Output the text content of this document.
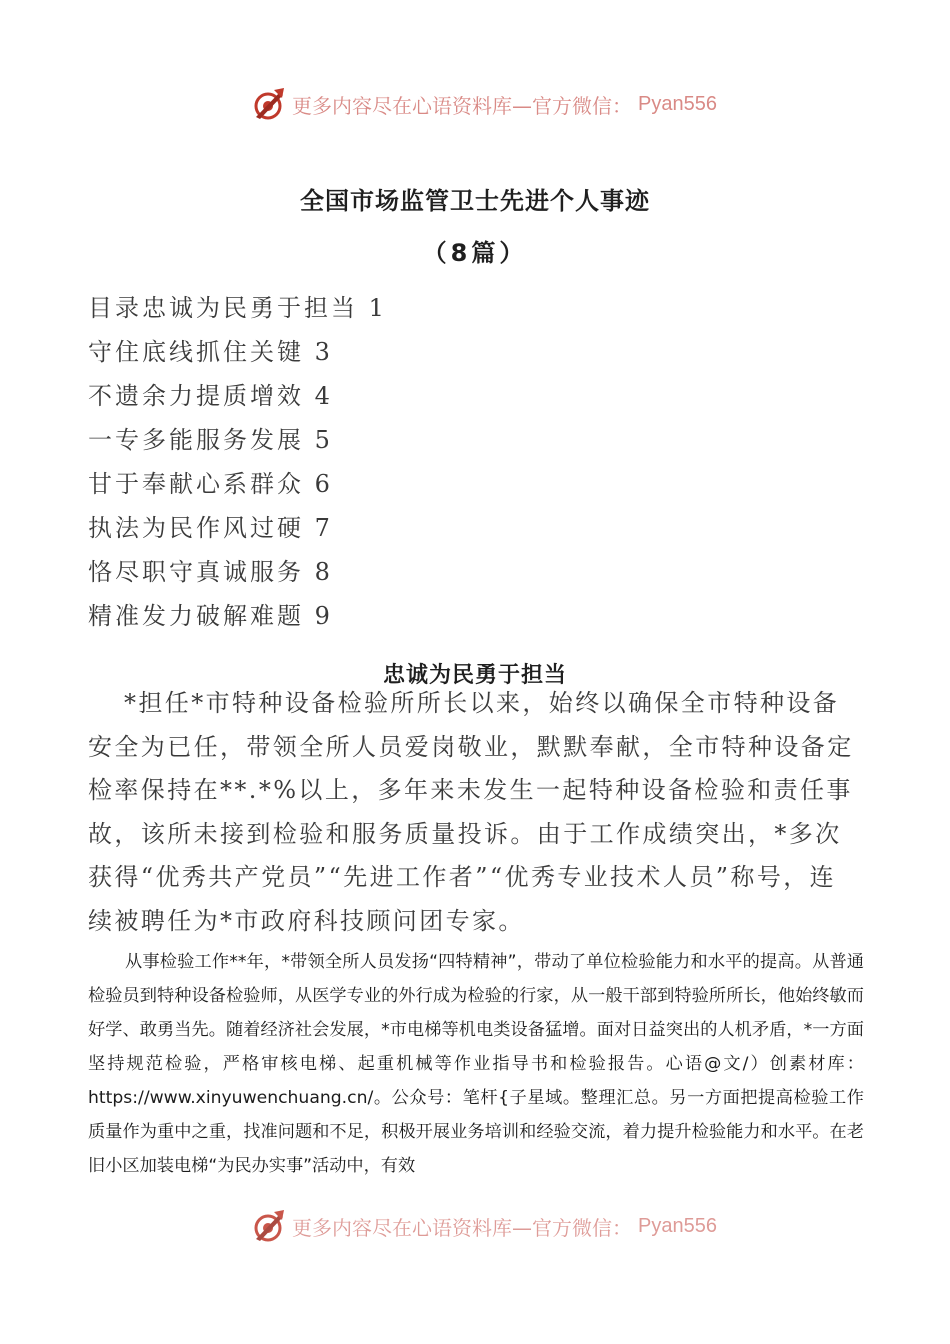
更多内容尽在心语资料库—官方微信： Pyan556
全国市场监管卫士先进个人事迹
（8篇）
目录忠诚为民勇于担当 1
守住底线抓住关键 3
不遗余力提质增效 4
一专多能服务发展 5
甘于奉献心系群众 6
执法为民作风过硬 7
恪尽职守真诚服务 8
精准发力破解难题 9
忠诚为民勇于担当

*担任*市特种设备检验所所长以来，始终以确保全市特种设备安全为已任，带领全所人员爱岗敬业，默默奉献，全市特种设备定检率保持在**.*%以上，多年来未发生一起特种设备检验和责任事故，该所未接到检验和服务质量投诉。由于工作成绩突出，*多次获得“优秀共产党员”“先进工作者”“优秀专业技术人员”称号，连续被聘任为*市政府科技顾问团专家。

从事检验工作**年，*带领全所人员发扬“四特精神”，带动了单位检验能力和水平的提高。从普通检验员到特种设备检验师，从医学专业的外行成为检验的行家，从一般干部到特验所所长，他始终敏而好学、敢勇当先。随着经济社会发展，*市电梯等机电类设备猛增。面对日益突出的人机矛盾，*一方面坚持规范检验，严格审核电梯、起重机械等作业指导书和检验报告。心语@文/）创素材库：https://www.xinyuwenchuang.cn/。公众号：笔杆{子星域。整理汇总。另一方面把提高检验工作质量作为重中之重，找准问题和不足，积极开展业务培训和经验交流，着力提升检验能力和水平。在老旧小区加装电梯“为民办实事”活动中，有效

更多内容尽在心语资料库—官方微信： Pyan556
